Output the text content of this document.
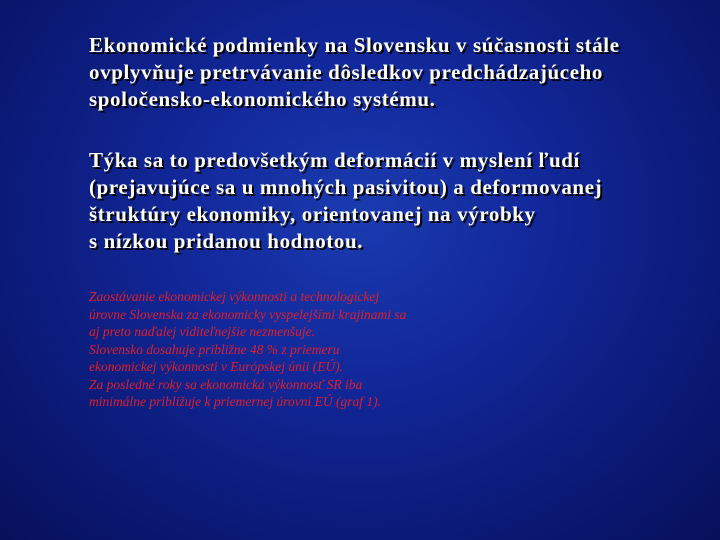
Ekonomické podmienky na Slovensku v súčasnosti stále
ovplyvňuje pretrvávanie dôsledkov predchádzajúceho
spoločensko-ekonomického systému.

Týka sa to predovšetkým deformácií v myslení ľudí
(prejavujúce sa u mnohých pasivitou) a deformovanej
štruktúry ekonomiky, orientovanej na výrobky
s nízkou pridanou hodnotou.

Zaostávanie ekonomickej výkonnosti a technologickej
úrovne Slovenska za ekonomicky vyspelejšími krajinami sa
aj preto naďalej viditeľnejšie nezmenšuje.
Slovensko dosahuje približne 48 % z priemeru
ekonomickej výkonnosti v Európskej únii (EÚ).
Za posledné roky sa ekonomická výkonnosť SR iba
minimálne približuje k priemernej úrovni EÚ (graf 1).
